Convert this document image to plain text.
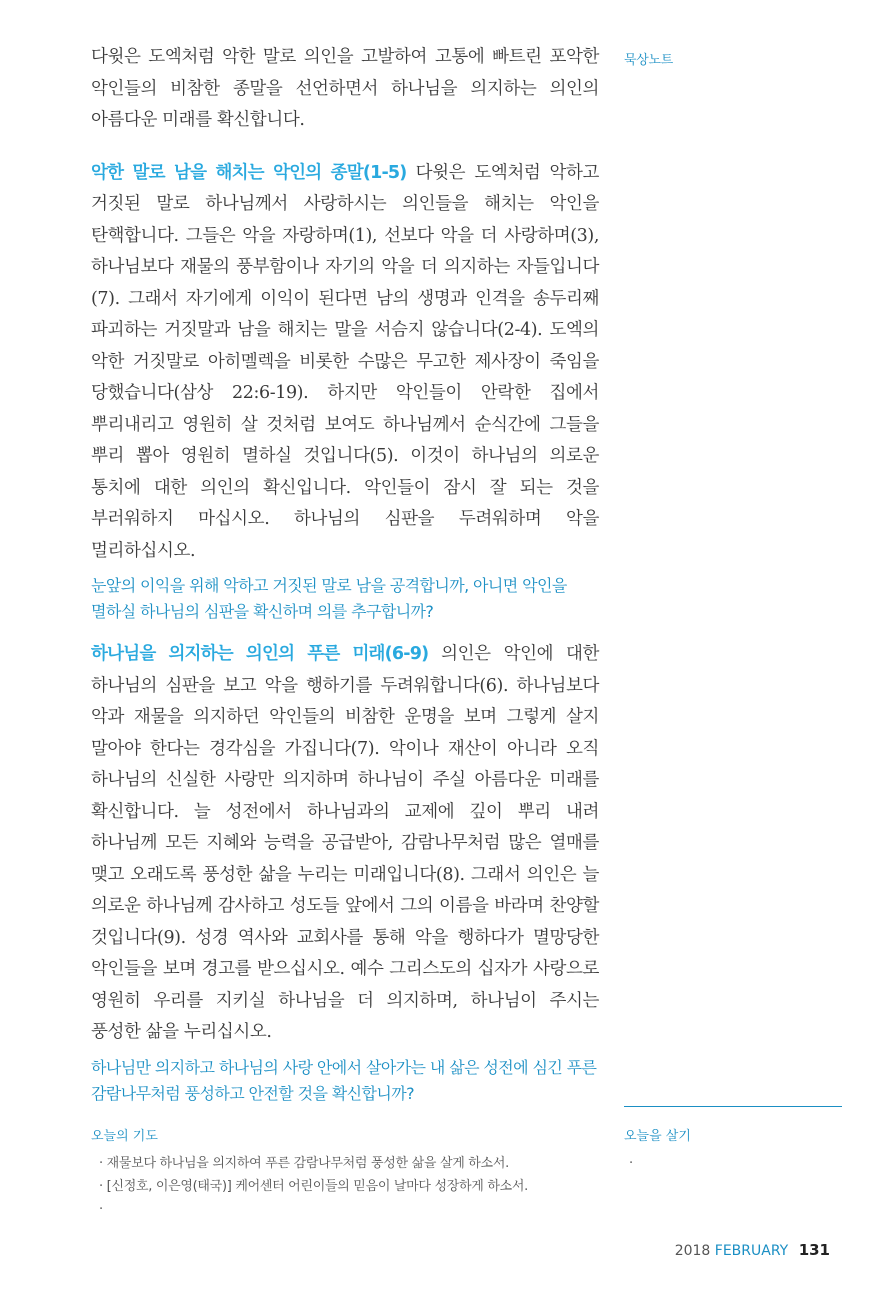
묵상노트

다윗은 도엑처럼 악한 말로 의인을 고발하여 고통에 빠트린 포악한 악인들의 비참한 종말을 선언하면서 하나님을 의지하는 의인의 아름다운 미래를 확신합니다.

악한 말로 남을 해치는 악인의 종말(1-5) 다윗은 도엑처럼 악하고 거짓된 말로 하나님께서 사랑하시는 의인들을 해치는 악인을 탄핵합니다. 그들은 악을 자랑하며(1), 선보다 악을 더 사랑하며(3), 하나님보다 재물의 풍부함이나 자기의 악을 더 의지하는 자들입니다(7). 그래서 자기에게 이익이 된다면 남의 생명과 인격을 송두리째 파괴하는 거짓말과 남을 해치는 말을 서슴지 않습니다(2-4). 도엑의 악한 거짓말로 아히멜렉을 비롯한 수많은 무고한 제사장이 죽임을 당했습니다(삼상 22:6-19). 하지만 악인들이 안락한 집에서 뿌리내리고 영원히 살 것처럼 보여도 하나님께서 순식간에 그들을 뿌리 뽑아 영원히 멸하실 것입니다(5). 이것이 하나님의 의로운 통치에 대한 의인의 확신입니다. 악인들이 잠시 잘 되는 것을 부러워하지 마십시오. 하나님의 심판을 두려워하며 악을 멀리하십시오.

눈앞의 이익을 위해 악하고 거짓된 말로 남을 공격합니까, 아니면 악인을 멸하실 하나님의 심판을 확신하며 의를 추구합니까?

하나님을 의지하는 의인의 푸른 미래(6-9) 의인은 악인에 대한 하나님의 심판을 보고 악을 행하기를 두려워합니다(6). 하나님보다 악과 재물을 의지하던 악인들의 비참한 운명을 보며 그렇게 살지 말아야 한다는 경각심을 가집니다(7). 악이나 재산이 아니라 오직 하나님의 신실한 사랑만 의지하며 하나님이 주실 아름다운 미래를 확신합니다. 늘 성전에서 하나님과의 교제에 깊이 뿌리 내려 하나님께 모든 지혜와 능력을 공급받아, 감람나무처럼 많은 열매를 맺고 오래도록 풍성한 삶을 누리는 미래입니다(8). 그래서 의인은 늘 의로운 하나님께 감사하고 성도들 앞에서 그의 이름을 바라며 찬양할 것입니다(9). 성경 역사와 교회사를 통해 악을 행하다가 멸망당한 악인들을 보며 경고를 받으십시오. 예수 그리스도의 십자가 사랑으로 영원히 우리를 지키실 하나님을 더 의지하며, 하나님이 주시는 풍성한 삶을 누리십시오.

하나님만 의지하고 하나님의 사랑 안에서 살아가는 내 삶은 성전에 심긴 푸른 감람나무처럼 풍성하고 안전할 것을 확신합니까?

오늘의 기도

· 재물보다 하나님을 의지하여 푸른 감람나무처럼 풍성한 삶을 살게 하소서.

· [신정호, 이은영(태국)] 케어센터 어린이들의 믿음이 날마다 성장하게 하소서.

·

오늘을 살기

·

2018 FEBRUARY 131
